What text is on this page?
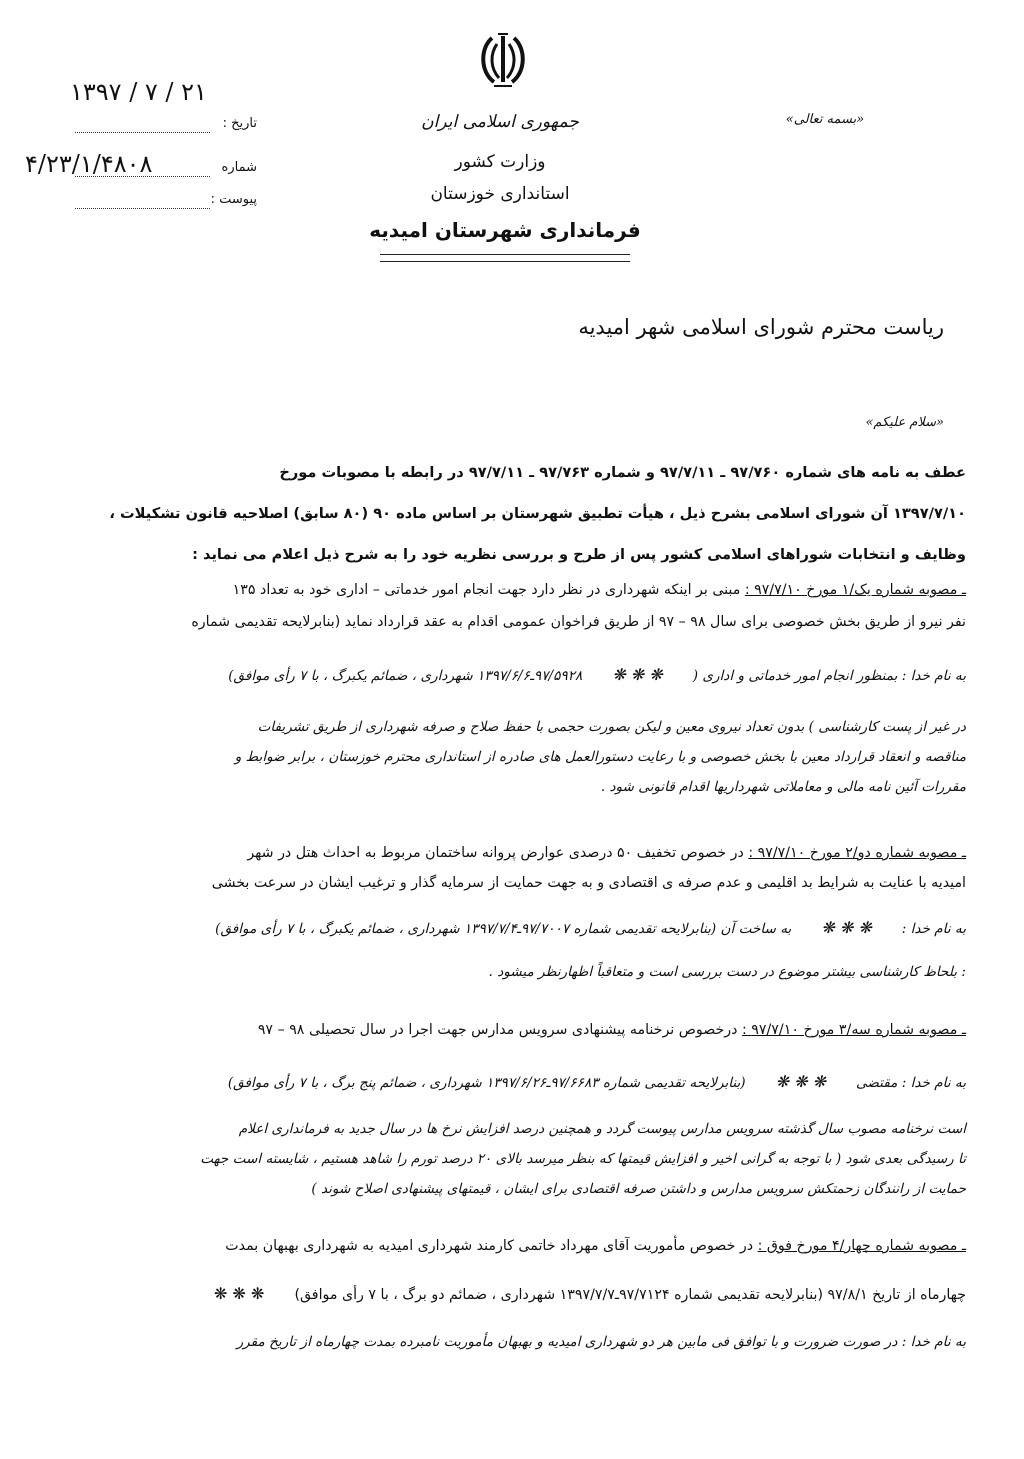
جمهوری اسلامی ایران
وزارت کشور
استانداری خوزستان
فرمانداری شهرستان امیدیه
«بسمه تعالی»
۱۳۹۷ / ۷ / ۲۱
تاریخ :
۴/۲۳/۱/۴۸۰۸	شماره
پیوست :
ریاست محترم شورای اسلامی شهر امیدیه
«سلام علیکم»
عطف به نامه های شماره ۹۷/۷۶۰ ـ ۹۷/۷/۱۱ و شماره ۹۷/۷۶۳ ـ ۹۷/۷/۱۱ در رابطه با مصوبات مورخ
۱۳۹۷/۷/۱۰ آن شورای اسلامی بشرح ذیل ، هیأت تطبیق شهرستان بر اساس ماده ۹۰ (۸۰ سابق) اصلاحیه قانون تشکیلات ،
وظایف و انتخابات شوراهای اسلامی کشور پس از طرح و بررسی نظریه خود را به شرح ذیل اعلام می نماید :
ـ مصوبه شماره یک/۱ مورخ ۹۷/۷/۱۰ : مبنی بر اینکه شهرداری در نظر دارد جهت انجام امور خدماتی – اداری خود به تعداد ۱۳۵
نفر نیرو از طریق بخش خصوصی برای سال ۹۸ – ۹۷ از طریق فراخوان عمومی اقدام به عقد قرارداد نماید (بنابرلایحه تقدیمی شماره
به نام خدا : بمنظور انجام امور خدماتی و اداری (❋ ❋ ❋۹۷/۵۹۲۸ـ۱۳۹۷/۶/۶ شهرداری ، ضمائم یکبرگ ، با ۷ رأی موافق)
در غیر از پست کارشناسی ) بدون تعداد نیروی معین و لیکن بصورت حجمی با حفظ صلاح و صرفه شهرداری از طریق تشریفات
مناقصه و انعقاد قرارداد معین با بخش خصوصی و با رعایت دستورالعمل های صادره از استانداری محترم خوزستان ، برابر ضوابط و
مقررات آئین نامه مالی و معاملاتی شهرداریها اقدام قانونی شود .
ـ مصوبه شماره دو/۲ مورخ ۹۷/۷/۱۰ : در خصوص تخفیف ۵۰ درصدی عوارض پروانه ساختمان مربوط به احداث هتل در شهر
امیدیه با عنایت به شرایط بد اقلیمی و عدم صرفه ی اقتصادی و به جهت حمایت از سرمایه گذار و ترغیب ایشان در سرعت بخشی
به نام خدا :❋ ❋ ❋به ساخت آن (بنابرلایحه تقدیمی شماره ۹۷/۷۰۰۷ـ۱۳۹۷/۷/۴ شهرداری ، ضمائم یکبرگ ، با ۷ رأی موافق)
: بلحاظ کارشناسی بیشتر موضوع در دست بررسی است و متعاقباً اظهارنظر میشود .
ـ مصوبه شماره سه/۳ مورخ ۹۷/۷/۱۰ : درخصوص نرخنامه پیشنهادی سرویس مدارس جهت اجرا در سال تحصیلی ۹۸ – ۹۷
به نام خدا : مقتضی❋ ❋ ❋(بنابرلایحه تقدیمی شماره ۹۷/۶۶۸۳ـ۱۳۹۷/۶/۲۶ شهرداری ، ضمائم پنج برگ ، با ۷ رأی موافق)
است نرخنامه مصوب سال گذشته سرویس مدارس پیوست گردد و همچنین درصد افزایش نرخ ها در سال جدید به فرمانداری اعلام
تا رسیدگی بعدی شود ( با توجه به گرانی اخیر و افزایش قیمتها که بنظر میرسد بالای ۲۰ درصد تورم را شاهد هستیم ، شایسته است جهت
حمایت از رانندگان زحمتکش سرویس مدارس و داشتن صرفه اقتصادی برای ایشان ، قیمتهای پیشنهادی اصلاح شوند )
ـ مصوبه شماره چهار/۴ مورخ فوق : در خصوص مأموریت آقای مهرداد خاتمی کارمند شهرداری امیدیه به شهرداری بهبهان بمدت
چهارماه از تاریخ ۹۷/۸/۱ (بنابرلایحه تقدیمی شماره ۹۷/۷۱۲۴ـ۱۳۹۷/۷/۷ شهرداری ، ضمائم دو برگ ، با ۷ رأی موافق)❋ ❋ ❋
به نام خدا : در صورت ضرورت و با توافق فی مابین هر دو شهرداری امیدیه و بهبهان مأموریت نامبرده بمدت چهارماه از تاریخ مقرر
